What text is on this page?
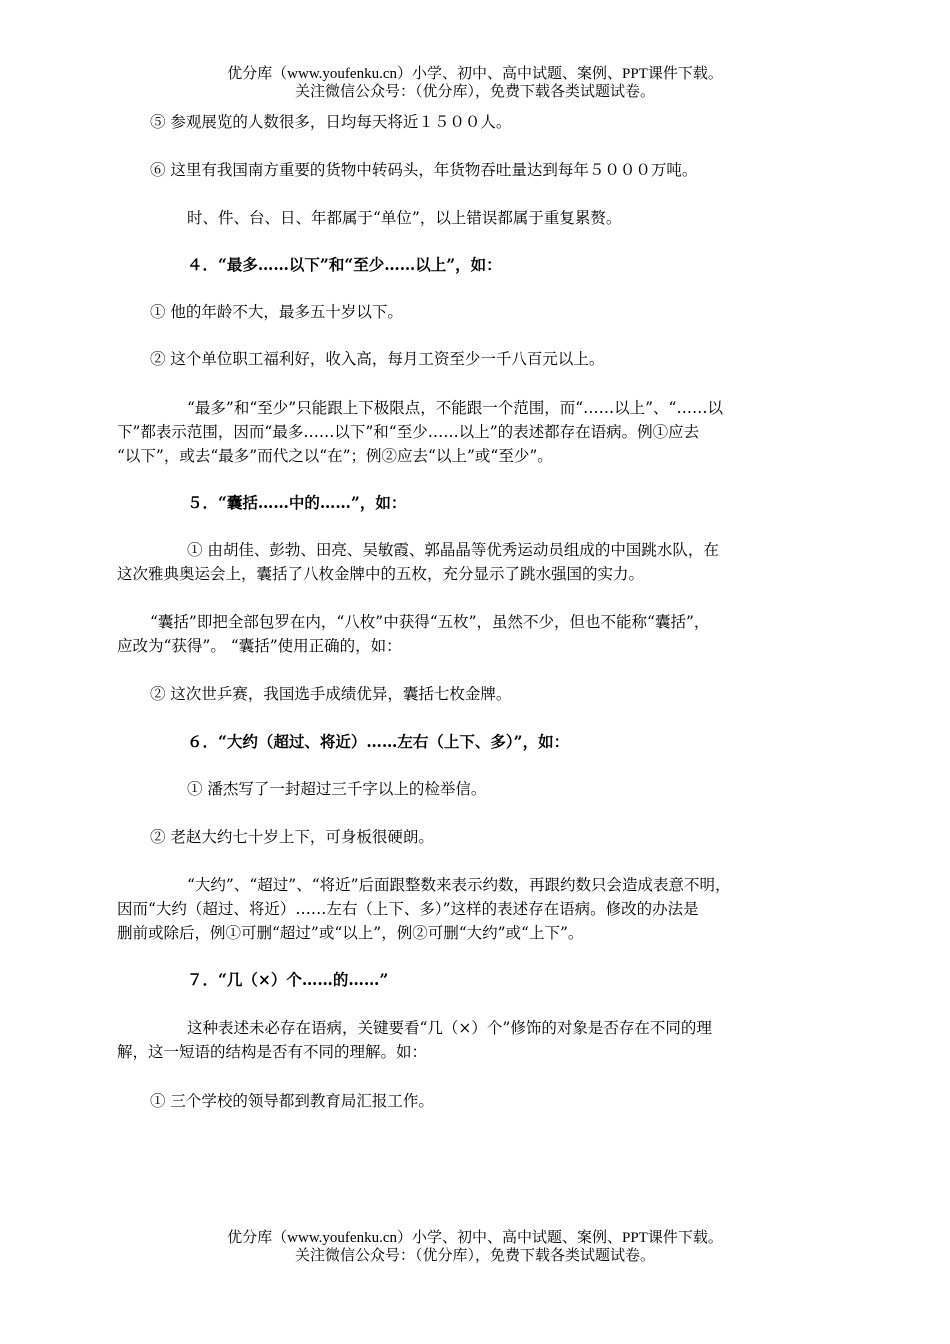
优分库（www.youfenku.cn）小学、初中、高中试题、案例、PPT课件下载。
关注微信公众号：（优分库），免费下载各类试题试卷。
⑤ 参观展览的人数很多，日均每天将近１５００人。
⑥ 这里有我国南方重要的货物中转码头，年货物吞吐量达到每年５０００万吨。
时、件、台、日、年都属于“单位”，以上错误都属于重复累赘。
４．“最多……以下”和“至少……以上”，如：
① 他的年龄不大，最多五十岁以下。
② 这个单位职工福利好，收入高，每月工资至少一千八百元以上。
“最多”和“至少”只能跟上下极限点，不能跟一个范围，而“……以上”、“……以
下”都表示范围，因而“最多……以下”和“至少……以上”的表述都存在语病。例①应去
“以下”，或去“最多”而代之以“在”；例②应去“以上”或“至少”。
５．“囊括……中的……”，如：
① 由胡佳、彭勃、田亮、吴敏霞、郭晶晶等优秀运动员组成的中国跳水队，在
这次雅典奥运会上，囊括了八枚金牌中的五枚，充分显示了跳水强国的实力。
“囊括”即把全部包罗在内，“八枚”中获得“五枚”，虽然不少，但也不能称“囊括”，
应改为“获得”。 “囊括”使用正确的，如：
② 这次世乒赛，我国选手成绩优异，囊括七枚金牌。
６．“大约（超过、将近）……左右（上下、多）”，如：
① 潘杰写了一封超过三千字以上的检举信。
② 老赵大约七十岁上下，可身板很硬朗。
“大约”、“超过”、“将近”后面跟整数来表示约数，再跟约数只会造成表意不明，
因而“大约（超过、将近）……左右（上下、多）”这样的表述存在语病。修改的办法是
删前或除后，例①可删“超过”或“以上”，例②可删“大约”或“上下”。
７．“几（×）个……的……”
这种表述未必存在语病，关键要看“几（×）个”修饰的对象是否存在不同的理
解，这一短语的结构是否有不同的理解。如：
① 三个学校的领导都到教育局汇报工作。
优分库（www.youfenku.cn）小学、初中、高中试题、案例、PPT课件下载。
关注微信公众号：（优分库），免费下载各类试题试卷。
